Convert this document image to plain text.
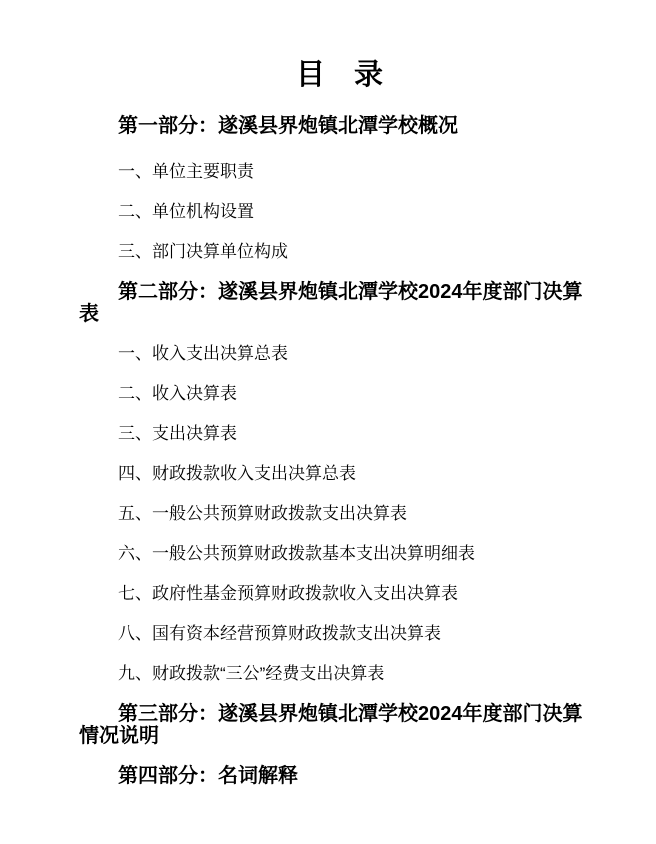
目　录

第一部分：遂溪县界炮镇北潭学校概况

一、单位主要职责

二、单位机构设置

三、部门决算单位构成

第二部分：遂溪县界炮镇北潭学校2024年度部门决算表

一、收入支出决算总表

二、收入决算表

三、支出决算表

四、财政拨款收入支出决算总表

五、一般公共预算财政拨款支出决算表

六、一般公共预算财政拨款基本支出决算明细表

七、政府性基金预算财政拨款收入支出决算表

八、国有资本经营预算财政拨款支出决算表

九、财政拨款“三公”经费支出决算表

第三部分：遂溪县界炮镇北潭学校2024年度部门决算情况说明

第四部分：名词解释
